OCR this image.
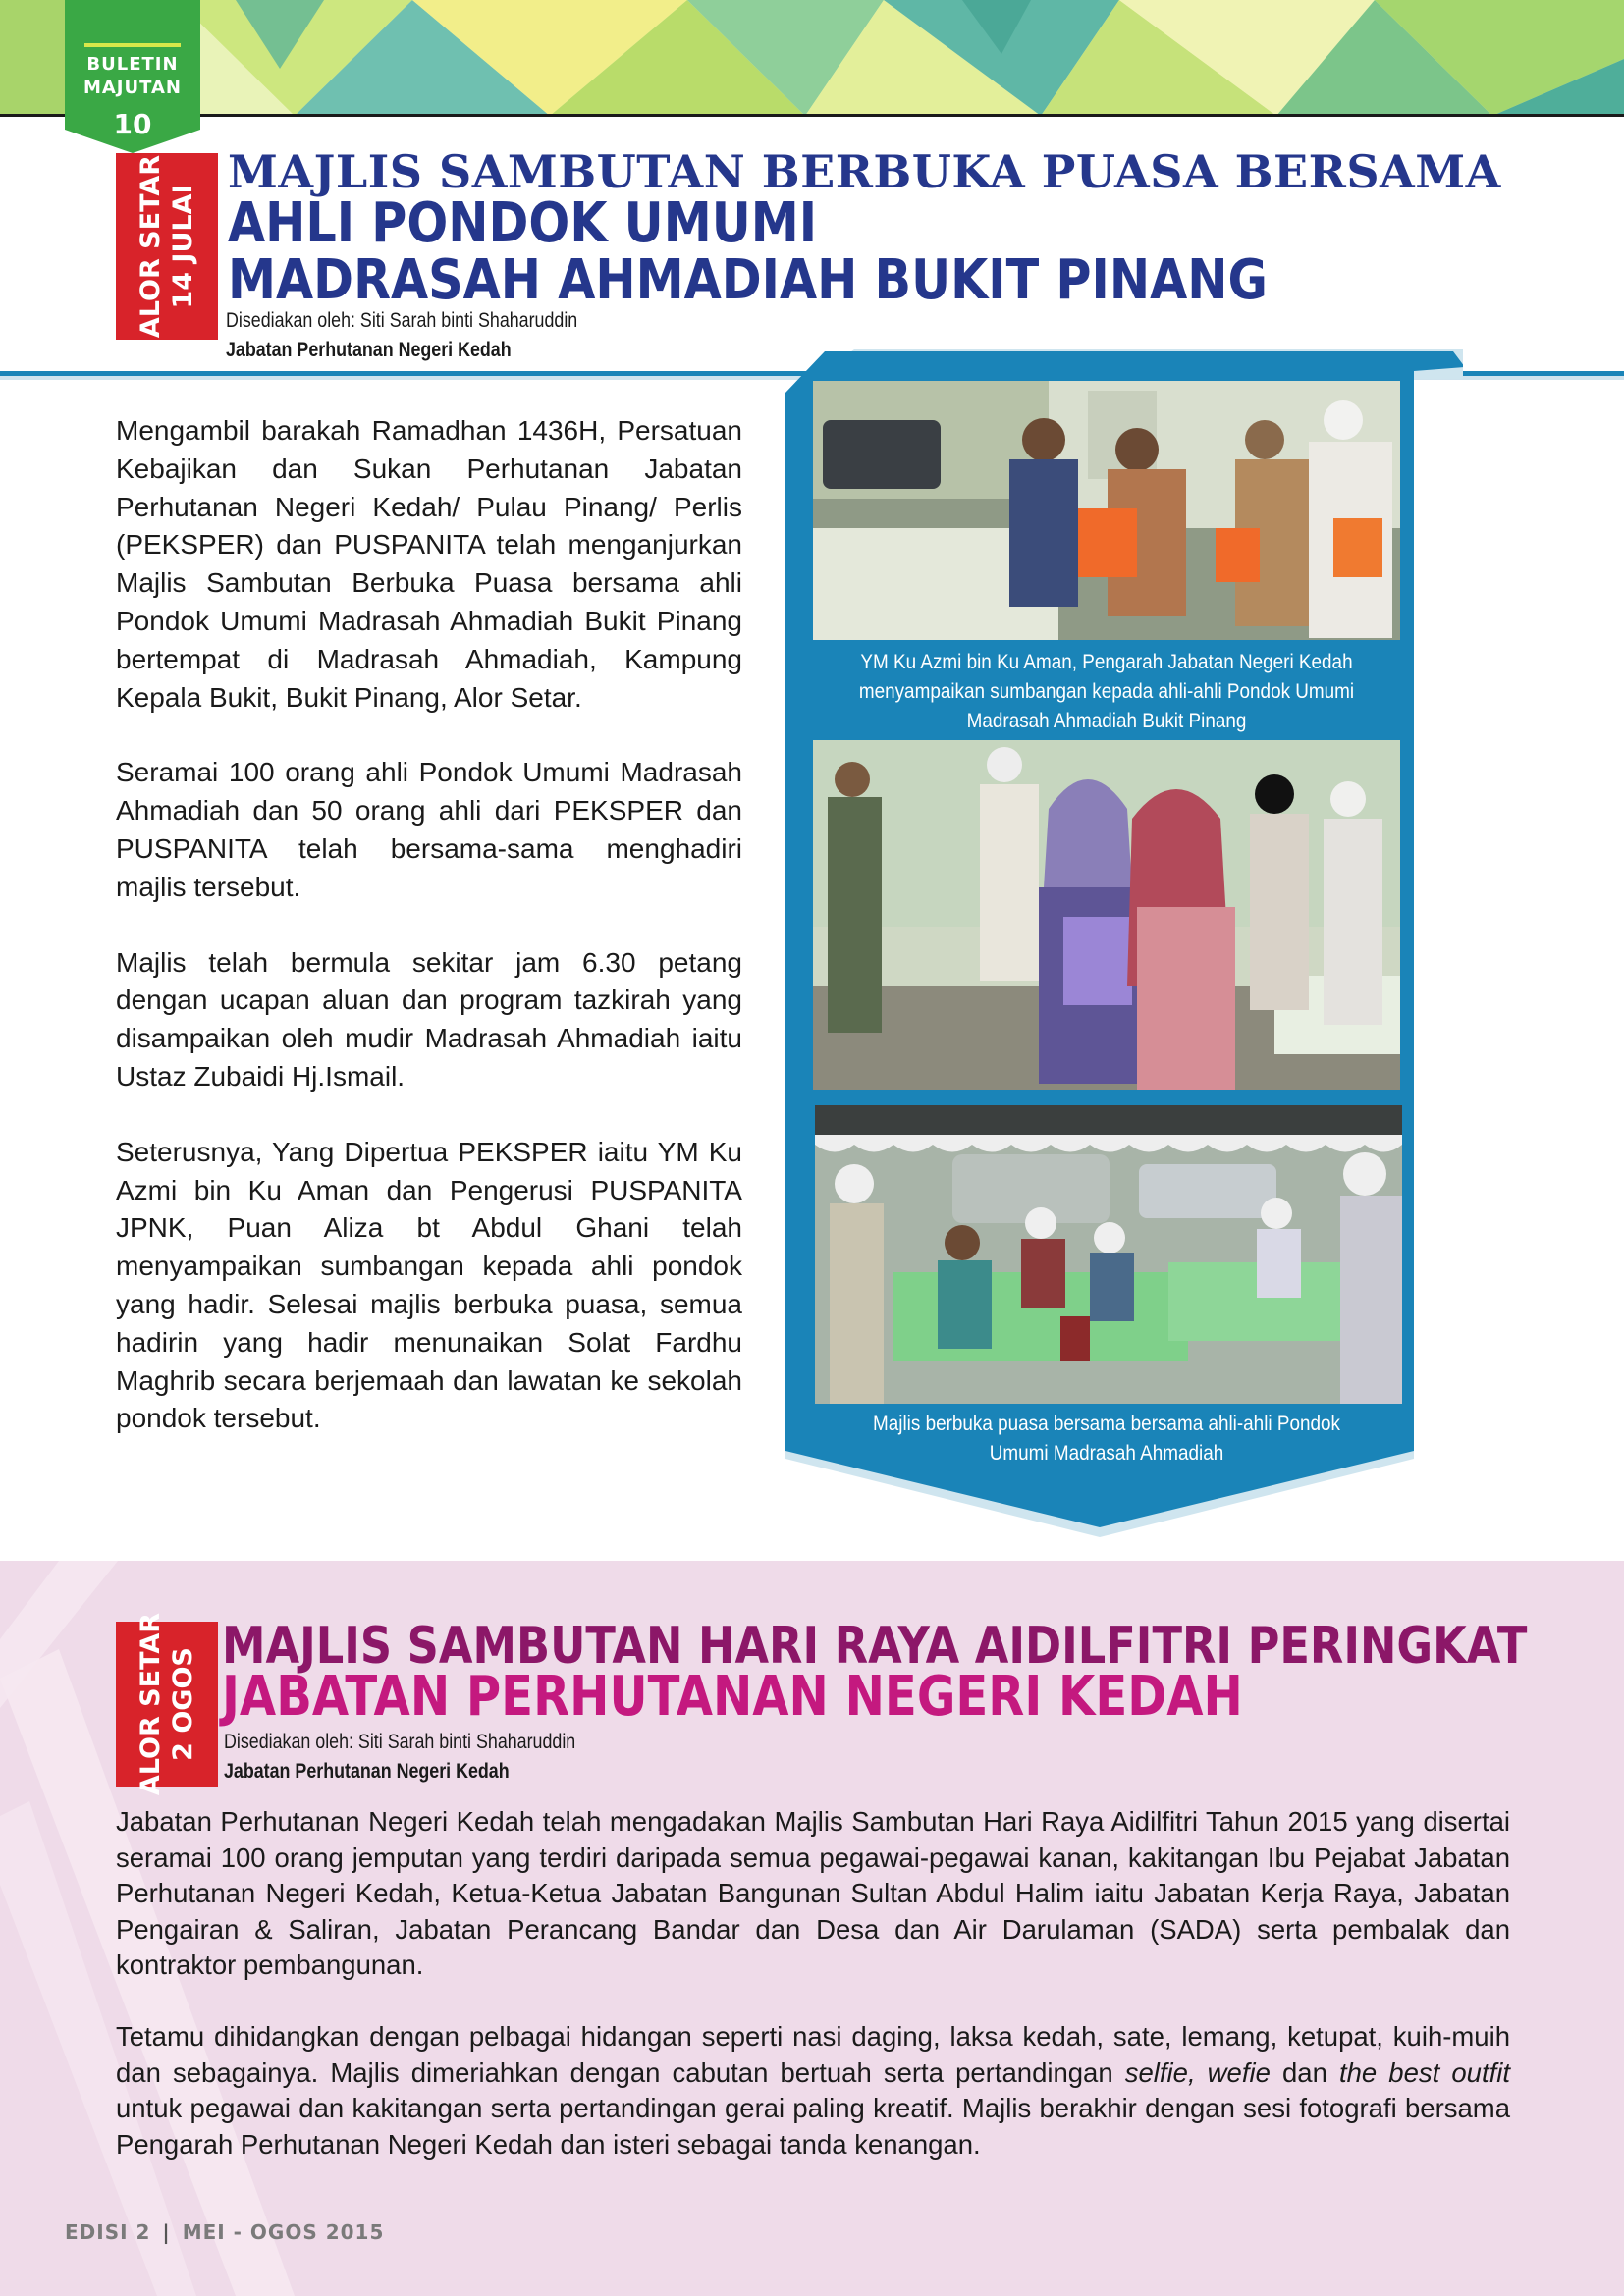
BULETIN
MAJUTAN
10
ALOR SETAR 14 JULAI
MAJLIS SAMBUTAN BERBUKA PUASA BERSAMA
AHLI PONDOK UMUMI
MADRASAH AHMADIAH BUKIT PINANG
Disediakan oleh: Siti Sarah binti Shaharuddin
Jabatan Perhutanan Negeri Kedah

Mengambil barakah Ramadhan 1436H, Persatuan Kebajikan dan Sukan Perhutanan Jabatan Perhutanan Negeri Kedah/ Pulau Pinang/ Perlis (PEKSPER) dan PUSPANITA telah menganjurkan Majlis Sambutan Berbuka Puasa bersama ahli Pondok Umumi Madrasah Ahmadiah Bukit Pinang bertempat di Madrasah Ahmadiah, Kampung Kepala Bukit, Bukit Pinang, Alor Setar.

Seramai 100 orang ahli Pondok Umumi Madrasah Ahmadiah dan 50 orang ahli dari PEKSPER dan PUSPANITA telah bersama-sama menghadiri majlis tersebut.

Majlis telah bermula sekitar jam 6.30 petang dengan ucapan aluan dan program tazkirah yang disampaikan oleh mudir Madrasah Ahmadiah iaitu Ustaz Zubaidi Hj.Ismail.

Seterusnya, Yang Dipertua PEKSPER iaitu YM Ku Azmi bin Ku Aman dan Pengerusi PUSPANITA JPNK, Puan Aliza bt Abdul Ghani telah menyampaikan sumbangan kepada ahli pondok yang hadir. Selesai majlis berbuka puasa, semua hadirin yang hadir menunaikan Solat Fardhu Maghrib secara berjemaah dan lawatan ke sekolah pondok tersebut.

YM Ku Azmi bin Ku Aman, Pengarah Jabatan Negeri Kedah menyampaikan sumbangan kepada ahli-ahli Pondok Umumi Madrasah Ahmadiah Bukit Pinang
Majlis berbuka puasa bersama bersama ahli-ahli Pondok Umumi Madrasah Ahmadiah
ALOR SETAR 2 OGOS
MAJLIS SAMBUTAN HARI RAYA AIDILFITRI PERINGKAT
JABATAN PERHUTANAN NEGERI KEDAH
Disediakan oleh: Siti Sarah binti Shaharuddin
Jabatan Perhutanan Negeri Kedah

Jabatan Perhutanan Negeri Kedah telah mengadakan Majlis Sambutan Hari Raya Aidilfitri Tahun 2015 yang disertai seramai 100 orang jemputan yang terdiri daripada semua pegawai-pegawai kanan, kakitangan Ibu Pejabat Jabatan Perhutanan Negeri Kedah, Ketua-Ketua Jabatan Bangunan Sultan Abdul Halim iaitu Jabatan Kerja Raya, Jabatan Pengairan & Saliran, Jabatan Perancang Bandar dan Desa dan Air Darulaman (SADA) serta pembalak dan kontraktor pembangunan.

Tetamu dihidangkan dengan pelbagai hidangan seperti nasi daging, laksa kedah, sate, lemang, ketupat, kuih-muih dan sebagainya. Majlis dimeriahkan dengan cabutan bertuah serta pertandingan selfie, wefie dan the best outfit untuk pegawai dan kakitangan serta pertandingan gerai paling kreatif. Majlis berakhir dengan sesi fotografi bersama Pengarah Perhutanan Negeri Kedah dan isteri sebagai tanda kenangan.

EDISI 2 | MEI - OGOS 2015
